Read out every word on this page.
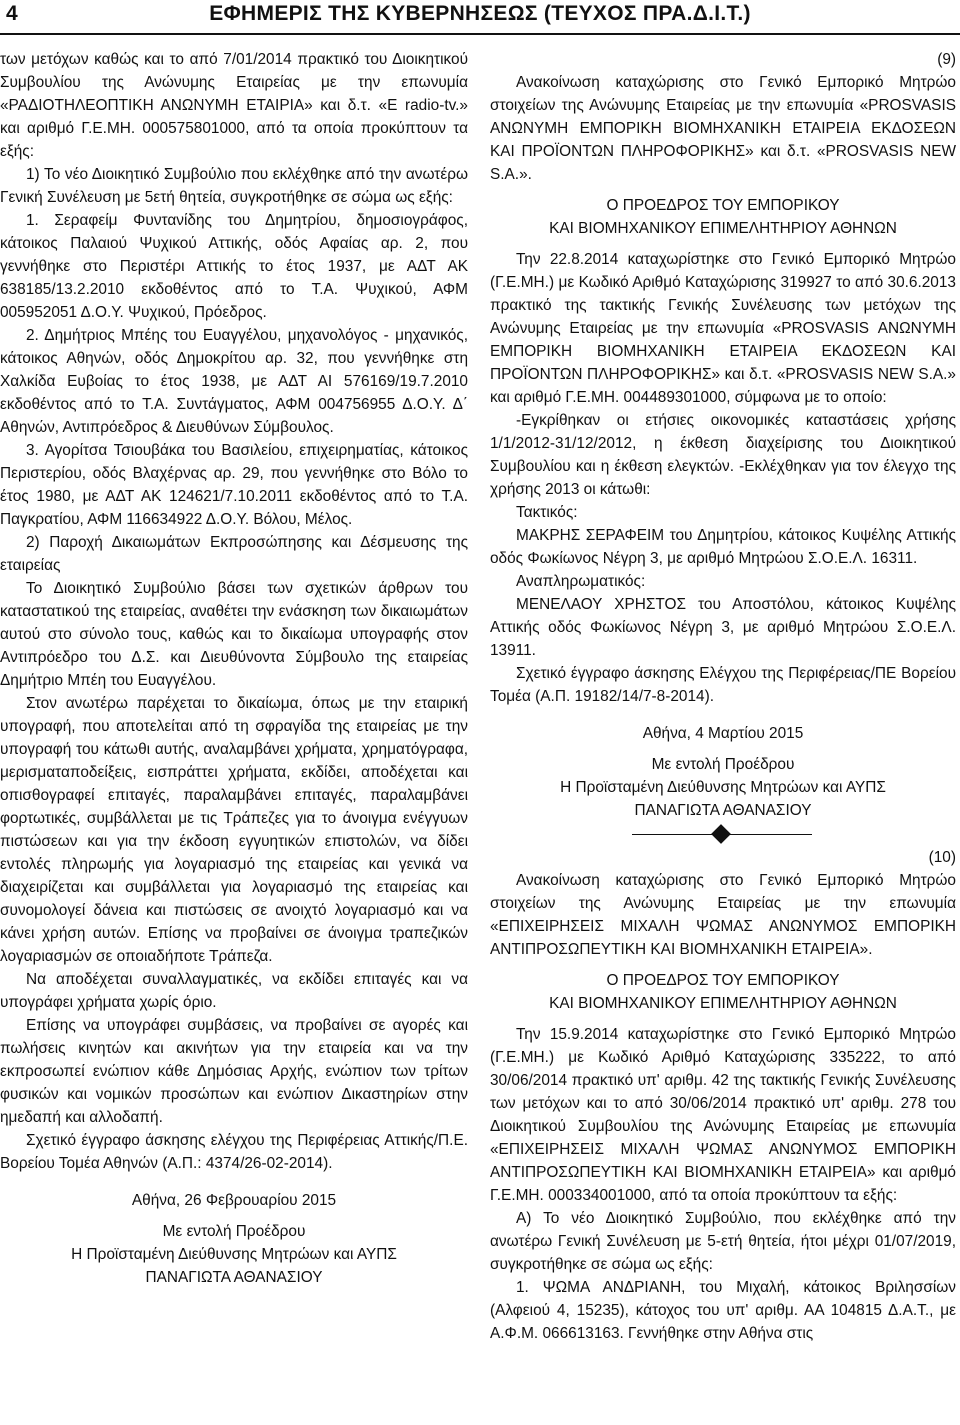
4	ΕΦΗΜΕΡΙΣ ΤΗΣ ΚΥΒΕΡΝΗΣΕΩΣ (ΤΕΥΧΟΣ ΠΡΑ.Δ.Ι.Τ.)

των μετόχων καθώς και το από 7/01/2014 πρακτικό του Διοικητικού Συμβουλίου της Ανώνυμης Εταιρείας με την επωνυμία «ΡΑΔΙΟΤΗΛΕΟΠΤΙΚΗ ΑΝΩΝΥΜΗ ΕΤΑΙΡΙΑ» και δ.τ. «E radio-tv.» και αριθμό Γ.Ε.ΜΗ. 000575801000, από τα οποία προκύπτουν τα εξής:

1) Το νέο Διοικητικό Συμβούλιο που εκλέχθηκε από την ανωτέρω Γενική Συνέλευση με 5ετή θητεία, συγκροτήθηκε σε σώμα ως εξής:

1. Σεραφείμ Φυντανίδης του Δημητρίου, δημοσιογράφος, κάτοικος Παλαιού Ψυχικού Αττικής, οδός Αφαίας αρ. 2, που γεννήθηκε στο Περιστέρι Αττικής το έτος 1937, με ΑΔΤ ΑΚ 638185/13.2.2010 εκδοθέντος από το Τ.Α. Ψυχικού, ΑΦΜ 005952051 Δ.Ο.Υ. Ψυχικού, Πρόεδρος.

2. Δημήτριος Μπέης του Ευαγγέλου, μηχανολόγος - μηχανικός, κάτοικος Αθηνών, οδός Δημοκρίτου αρ. 32, που γεννήθηκε στη Χαλκίδα Ευβοίας το έτος 1938, με ΑΔΤ ΑΙ 576169/19.7.2010 εκδοθέντος από το Τ.Α. Συντάγματος, ΑΦΜ 004756955 Δ.Ο.Υ. Δ΄ Αθηνών, Αντιπρόεδρος & Διευθύνων Σύμβουλος.

3. Αγορίτσα Τσιουβάκα του Βασιλείου, επιχειρηματίας, κάτοικος Περιστερίου, οδός Βλαχέρνας αρ. 29, που γεννήθηκε στο Βόλο το έτος 1980, με ΑΔΤ ΑΚ 124621/7.10.2011 εκδοθέντος από το Τ.Α. Παγκρατίου, ΑΦΜ 116634922 Δ.Ο.Υ. Βόλου, Μέλος.

2) Παροχή Δικαιωμάτων Εκπροσώπησης και Δέσμευσης της εταιρείας

Το Διοικητικό Συμβούλιο βάσει των σχετικών άρθρων του καταστατικού της εταιρείας, αναθέτει την ενάσκηση των δικαιωμάτων αυτού στο σύνολο τους, καθώς και το δικαίωμα υπογραφής στον Αντιπρόεδρο του Δ.Σ. και Διευθύνοντα Σύμβουλο της εταιρείας Δημήτριο Μπέη του Ευαγγέλου.

Στον ανωτέρω παρέχεται το δικαίωμα, όπως με την εταιρική υπογραφή, που αποτελείται από τη σφραγίδα της εταιρείας με την υπογραφή του κάτωθι αυτής, αναλαμβάνει χρήματα, χρηματόγραφα, μερισματαποδείξεις, εισπράττει χρήματα, εκδίδει, αποδέχεται και οπισθογραφεί επιταγές, παραλαμβάνει επιταγές, παραλαμβάνει φορτωτικές, συμβάλλεται με τις Τράπεζες για το άνοιγμα ενέγγυων πιστώσεων και για την έκδοση εγγυητικών επιστολών, να δίδει εντολές πληρωμής για λογαριασμό της εταιρείας και γενικά να διαχειρίζεται και συμβάλλεται για λογαριασμό της εταιρείας και συνομολογεί δάνεια και πιστώσεις σε ανοιχτό λογαριασμό και να κάνει χρήση αυτών. Επίσης να προβαίνει σε άνοιγμα τραπεζικών λογαριασμών σε οποιαδήποτε Τράπεζα.

Να αποδέχεται συναλλαγματικές, να εκδίδει επιταγές και να υπογράφει χρήματα χωρίς όριο.

Επίσης να υπογράφει συμβάσεις, να προβαίνει σε αγορές και πωλήσεις κινητών και ακινήτων για την εταιρεία και να την εκπροσωπεί ενώπιον κάθε Δημόσιας Αρχής, ενώπιον των τρίτων φυσικών και νομικών προσώπων και ενώπιον Δικαστηρίων στην ημεδαπή και αλλοδαπή.

Σχετικό έγγραφο άσκησης ελέγχου της Περιφέρειας Αττικής/Π.Ε. Βορείου Τομέα Αθηνών (Α.Π.: 4374/26-02-2014).

Αθήνα, 26 Φεβρουαρίου 2015

Με εντολή Προέδρου

Η Προϊσταμένη Διεύθυνσης Μητρώων και ΑΥΠΣ

ΠΑΝΑΓΙΩΤΑ ΑΘΑΝΑΣΙΟΥ

(9)

Ανακοίνωση καταχώρισης στο Γενικό Εμπορικό Μητρώο στοιχείων της Ανώνυμης Εταιρείας με την επωνυμία «PROSVASIS ΑΝΩΝΥΜΗ ΕΜΠΟΡΙΚΗ ΒΙΟΜΗΧΑΝΙΚΗ ΕΤΑΙΡΕΙΑ ΕΚΔΟΣΕΩΝ ΚΑΙ ΠΡΟΪΟΝΤΩΝ ΠΛΗΡΟΦΟΡΙΚΗΣ» και δ.τ. «PROSVASIS NEW S.A.».

Ο ΠΡΟΕΔΡΟΣ ΤΟΥ ΕΜΠΟΡΙΚΟΥ

ΚΑΙ ΒΙΟΜΗΧΑΝΙΚΟΥ ΕΠΙΜΕΛΗΤΗΡΙΟΥ ΑΘΗΝΩΝ

Την 22.8.2014 καταχωρίστηκε στο Γενικό Εμπορικό Μητρώο (Γ.Ε.ΜΗ.) με Κωδικό Αριθμό Καταχώρισης 319927 το από 30.6.2013 πρακτικό της τακτικής Γενικής Συνέλευσης των μετόχων της Ανώνυμης Εταιρείας με την επωνυμία «PROSVASIS ΑΝΩΝΥΜΗ ΕΜΠΟΡΙΚΗ ΒΙΟΜΗΧΑΝΙΚΗ ΕΤΑΙΡΕΙΑ ΕΚΔΟΣΕΩΝ ΚΑΙ ΠΡΟΪΟΝΤΩΝ ΠΛΗΡΟΦΟΡΙΚΗΣ» και δ.τ. «PROSVASIS NEW S.A.» και αριθμό Γ.Ε.ΜΗ. 004489301000, σύμφωνα με το οποίο:

-Εγκρίθηκαν οι ετήσιες οικονομικές καταστάσεις χρήσης 1/1/2012-31/12/2012, η έκθεση διαχείρισης του Διοικητικού Συμβουλίου και η έκθεση ελεγκτών. -Εκλέχθηκαν για τον έλεγχο της χρήσης 2013 οι κάτωθι:

Τακτικός:

ΜΑΚΡΗΣ ΣΕΡΑΦΕΙΜ του Δημητρίου, κάτοικος Κυψέλης Αττικής οδός Φωκίωνος Νέγρη 3, με αριθμό Μητρώου Σ.Ο.Ε.Λ. 16311.

Αναπληρωματικός:

ΜΕΝΕΛΑΟΥ ΧΡΗΣΤΟΣ του Αποστόλου, κάτοικος Κυψέλης Αττικής οδός Φωκίωνος Νέγρη 3, με αριθμό Μητρώου Σ.Ο.Ε.Λ. 13911.

Σχετικό έγγραφο άσκησης Ελέγχου της Περιφέρειας/ΠΕ Βορείου Τομέα (Α.Π. 19182/14/7-8-2014).

Αθήνα, 4 Μαρτίου 2015

Με εντολή Προέδρου

Η Προϊσταμένη Διεύθυνσης Μητρώων και ΑΥΠΣ

ΠΑΝΑΓΙΩΤΑ ΑΘΑΝΑΣΙΟΥ

(10)

Ανακοίνωση καταχώρισης στο Γενικό Εμπορικό Μητρώο στοιχείων της Ανώνυμης Εταιρείας με την επωνυμία «ΕΠΙΧΕΙΡΗΣΕΙΣ ΜΙΧΑΛΗ ΨΩΜΑΣ ΑΝΩΝΥΜΟΣ ΕΜΠΟΡΙΚΗ ΑΝΤΙΠΡΟΣΩΠΕΥΤΙΚΗ ΚΑΙ ΒΙΟΜΗΧΑΝΙΚΗ ΕΤΑΙΡΕΙΑ».

Ο ΠΡΟΕΔΡΟΣ ΤΟΥ ΕΜΠΟΡΙΚΟΥ

ΚΑΙ ΒΙΟΜΗΧΑΝΙΚΟΥ ΕΠΙΜΕΛΗΤΗΡΙΟΥ ΑΘΗΝΩΝ

Την 15.9.2014 καταχωρίστηκε στο Γενικό Εμπορικό Μητρώο (Γ.Ε.ΜΗ.) με Κωδικό Αριθμό Καταχώρισης 335222, το από 30/06/2014 πρακτικό υπ' αριθμ. 42 της τακτικής Γενικής Συνέλευσης των μετόχων και το από 30/06/2014 πρακτικό υπ' αριθμ. 278 του Διοικητικού Συμβουλίου της Ανώνυμης Εταιρείας με επωνυμία «ΕΠΙΧΕΙΡΗΣΕΙΣ ΜΙΧΑΛΗ ΨΩΜΑΣ ΑΝΩΝΥΜΟΣ ΕΜΠΟΡΙΚΗ ΑΝΤΙΠΡΟΣΩΠΕΥΤΙΚΗ ΚΑΙ ΒΙΟΜΗΧΑΝΙΚΗ ΕΤΑΙΡΕΙΑ» και αριθμό Γ.Ε.ΜΗ. 000334001000, από τα οποία προκύπτουν τα εξής:

Α) Το νέο Διοικητικό Συμβούλιο, που εκλέχθηκε από την ανωτέρω Γενική Συνέλευση με 5-ετή θητεία, ήτοι μέχρι 01/07/2019, συγκροτήθηκε σε σώμα ως εξής:

1. ΨΩΜΑ ΑΝΔΡΙΑΝΗ, του Μιχαλή, κάτοικος Βριλησσίων (Αλφειού 4, 15235), κάτοχος του υπ' αριθμ. ΑΑ 104815 Δ.Α.Τ., με Α.Φ.Μ. 066613163. Γεννήθηκε στην Αθήνα στις
